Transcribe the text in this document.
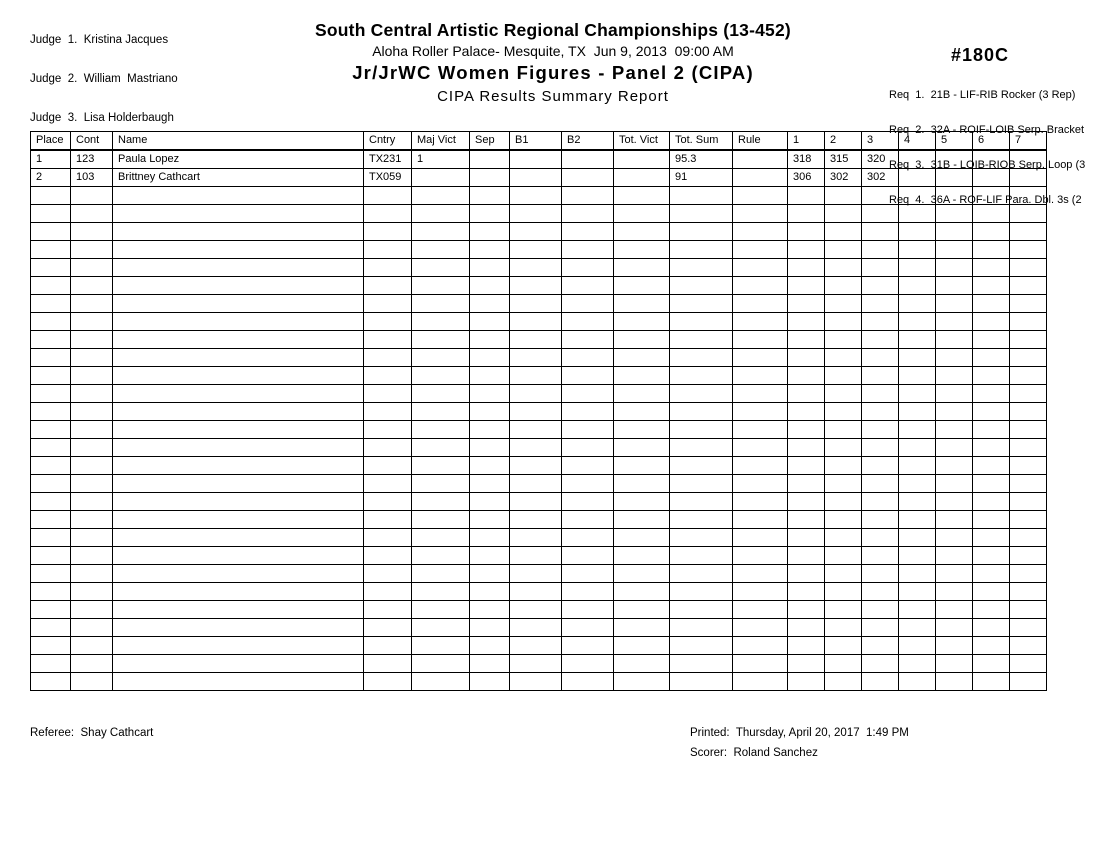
Judge  1.  Kristina Jacques

Judge  2.  William  Mastriano

Judge  3.  Lisa Holderbaugh

South Central Artistic Regional Championships (13-452)
Aloha Roller Palace- Mesquite, TX  Jun 9, 2013  09:00 AM
Jr/JrWC Women Figures - Panel 2 (CIPA)
CIPA Results Summary Report

#180C

Req  1.  21B - LIF-RIB Rocker (3 Rep)

Req  2.  32A - ROIF-LOIB Serp. Bracket

Req  3.  31B - LOIB-RIOB Serp. Loop (3

Req  4.  36A - ROF-LIF Para. Dbl. 3s (2

Place	Cont	Name	Cntry	Maj Vict	Sep	B1	B2	Tot. Vict	Tot. Sum	Rule	1	2	3	4	5	6	7
1	123	Paula Lopez	TX231	1					95.3		318	315	320				
2	103	Brittney Cathcart	TX059						91		306	302	302				

Referee:  Shay Cathcart	Printed:  Thursday, April 20, 2017  1:49 PM
Scorer:  Roland Sanchez
